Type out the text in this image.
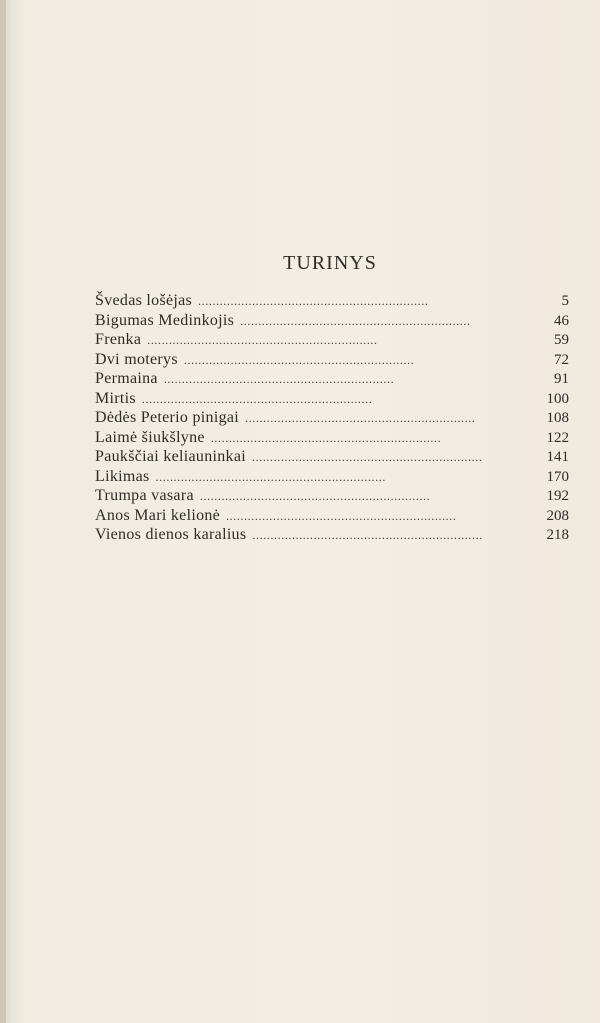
TURINYS
Švedas lošėjas . . .	5
Bigumas Medinkojis . . .	46
Frenka . . .	59
Dvi moterys . . .	72
Permaina . . .	91
Mirtis . . .	100
Dėdės Peterio pinigai . . .	108
Laimė šiukšlyne . . .	122
Paukščiai keliauninkai . . .	141
Likimas . . .	170
Trumpa vasara . . .	192
Anos Mari kelionė . . .	208
Vienos dienos karalius . . .	218
